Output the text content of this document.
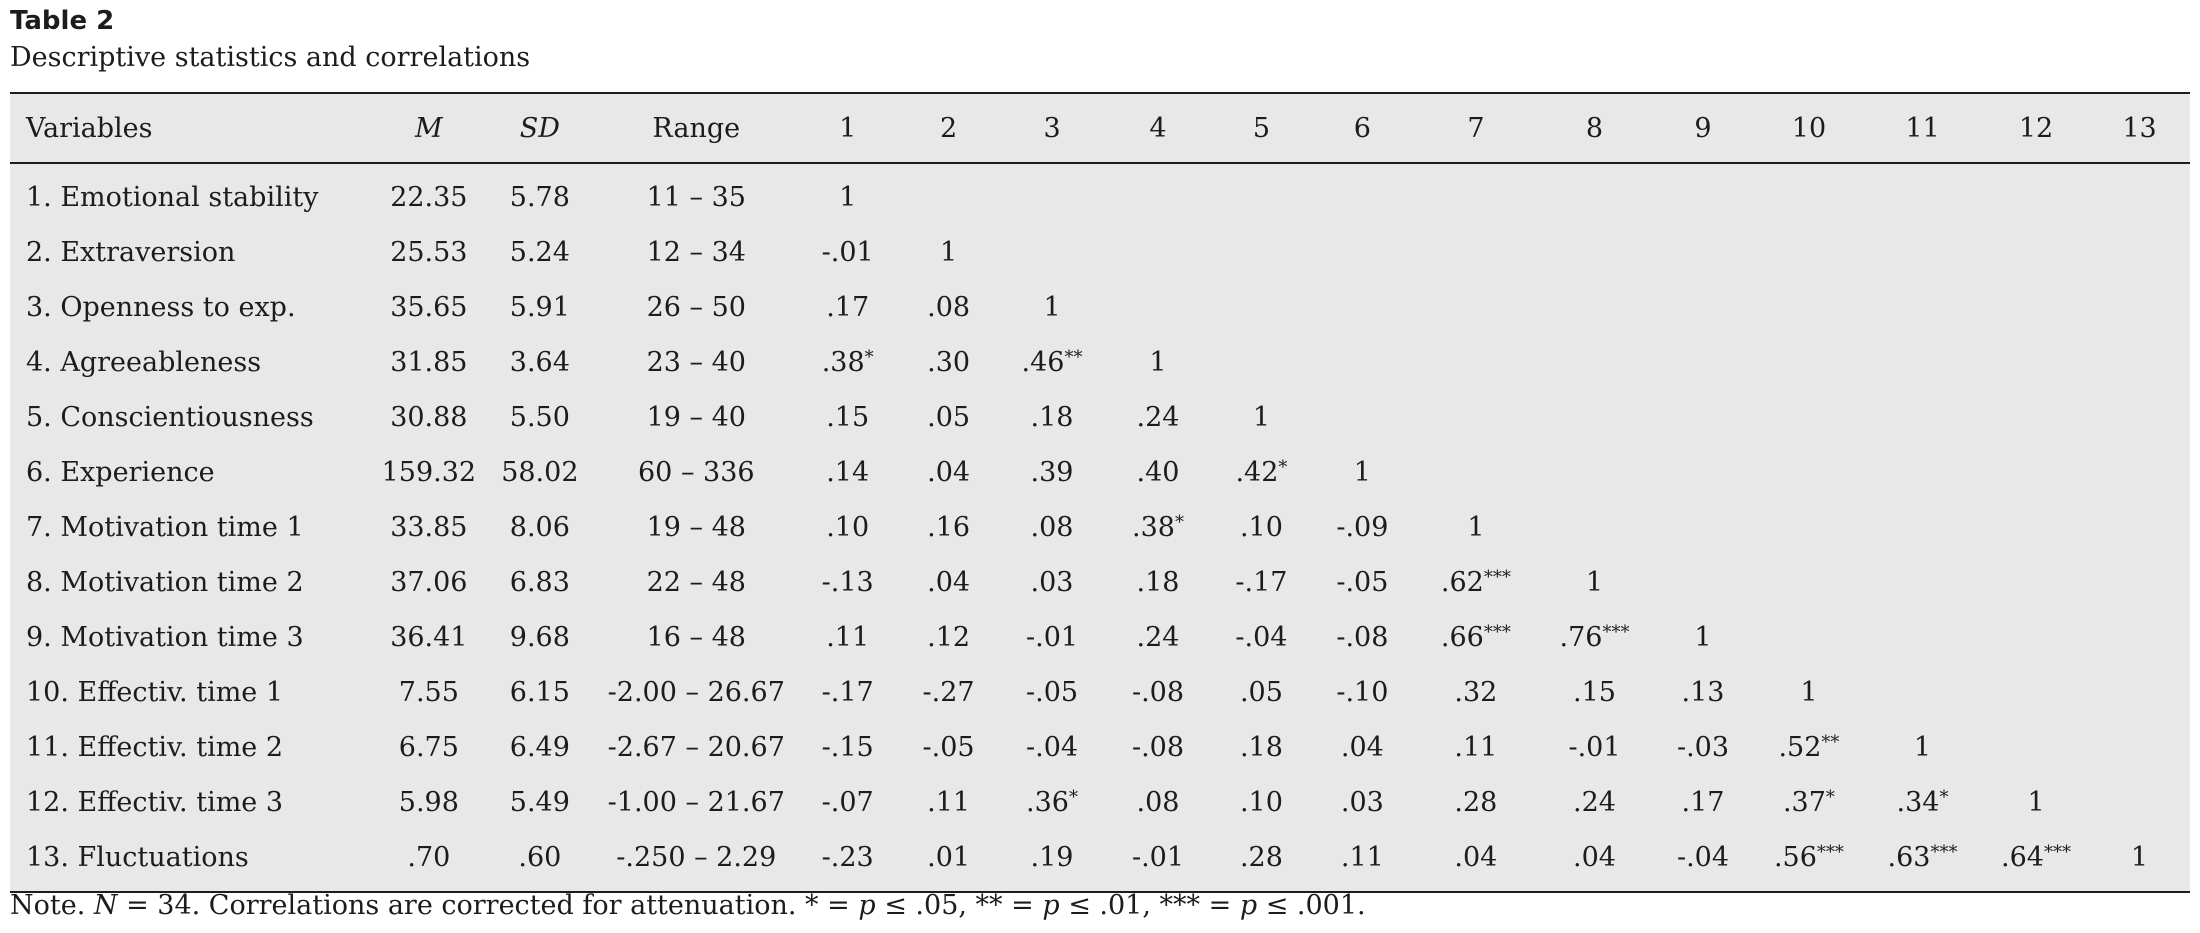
Table 2
Descriptive statistics and correlations
Variables	M	SD	Range	1	2	3	4	5	6	7	8	9	10	11	12	13
1. Emotional stability	22.35	5.78	11 – 35	1												
2. Extraversion	25.53	5.24	12 – 34	-.01	1											
3. Openness to exp.	35.65	5.91	26 – 50	.17	.08	1										
4. Agreeableness	31.85	3.64	23 – 40	.38*	.30	.46**	1									
5. Conscientiousness	30.88	5.50	19 – 40	.15	.05	.18	.24	1								
6. Experience	159.32	58.02	60 – 336	.14	.04	.39	.40	.42*	1							
7. Motivation time 1	33.85	8.06	19 – 48	.10	.16	.08	.38*	.10	-.09	1						
8. Motivation time 2	37.06	6.83	22 – 48	-.13	.04	.03	.18	-.17	-.05	.62***	1					
9. Motivation time 3	36.41	9.68	16 – 48	.11	.12	-.01	.24	-.04	-.08	.66***	.76***	1				
10. Effectiv. time 1	7.55	6.15	-2.00 – 26.67	-.17	-.27	-.05	-.08	.05	-.10	.32	.15	.13	1			
11. Effectiv. time 2	6.75	6.49	-2.67 – 20.67	-.15	-.05	-.04	-.08	.18	.04	.11	-.01	-.03	.52**	1		
12. Effectiv. time 3	5.98	5.49	-1.00 – 21.67	-.07	.11	.36*	.08	.10	.03	.28	.24	.17	.37*	.34*	1	
13. Fluctuations	.70	.60	-.250 – 2.29	-.23	.01	.19	-.01	.28	.11	.04	.04	-.04	.56***	.63***	.64***	1
Note. N = 34. Correlations are corrected for attenuation. * = p ≤ .05, ** = p ≤ .01, *** = p ≤ .001.
